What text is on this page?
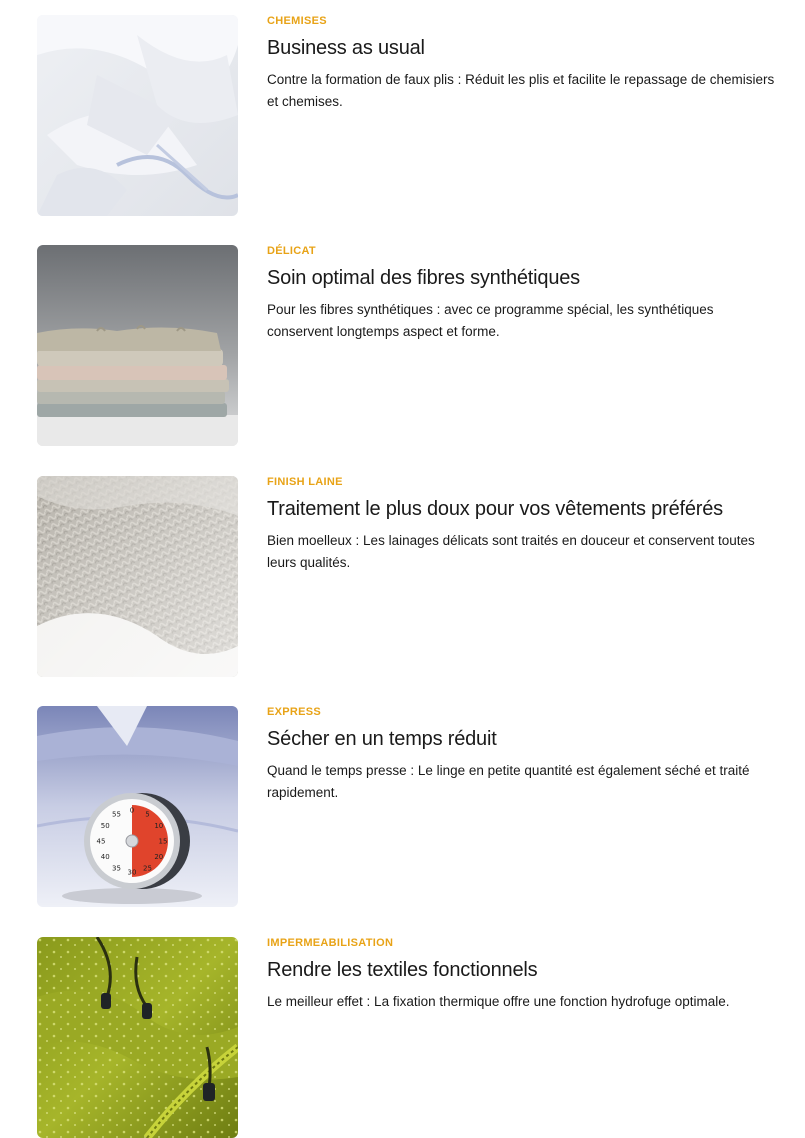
CHEMISES
Business as usual
Contre la formation de faux plis : Réduit les plis et facilite le repassage de chemisiers et chemises.
DÉLICAT
Soin optimal des fibres synthétiques
Pour les fibres synthétiques : avec ce programme spécial, les synthétiques conservent longtemps aspect et forme.
FINISH LAINE
Traitement le plus doux pour vos vêtements préférés
Bien moelleux : Les lainages délicats sont traités en douceur et conservent toutes leurs qualités.
0
5
10
15
20
25
30
35
40
45
50
55
EXPRESS
Sécher en un temps réduit
Quand le temps presse : Le linge en petite quantité est également séché et traité rapidement.
IMPERMEABILISATION
Rendre les textiles fonctionnels
Le meilleur effet : La fixation thermique offre une fonction hydrofuge optimale.
